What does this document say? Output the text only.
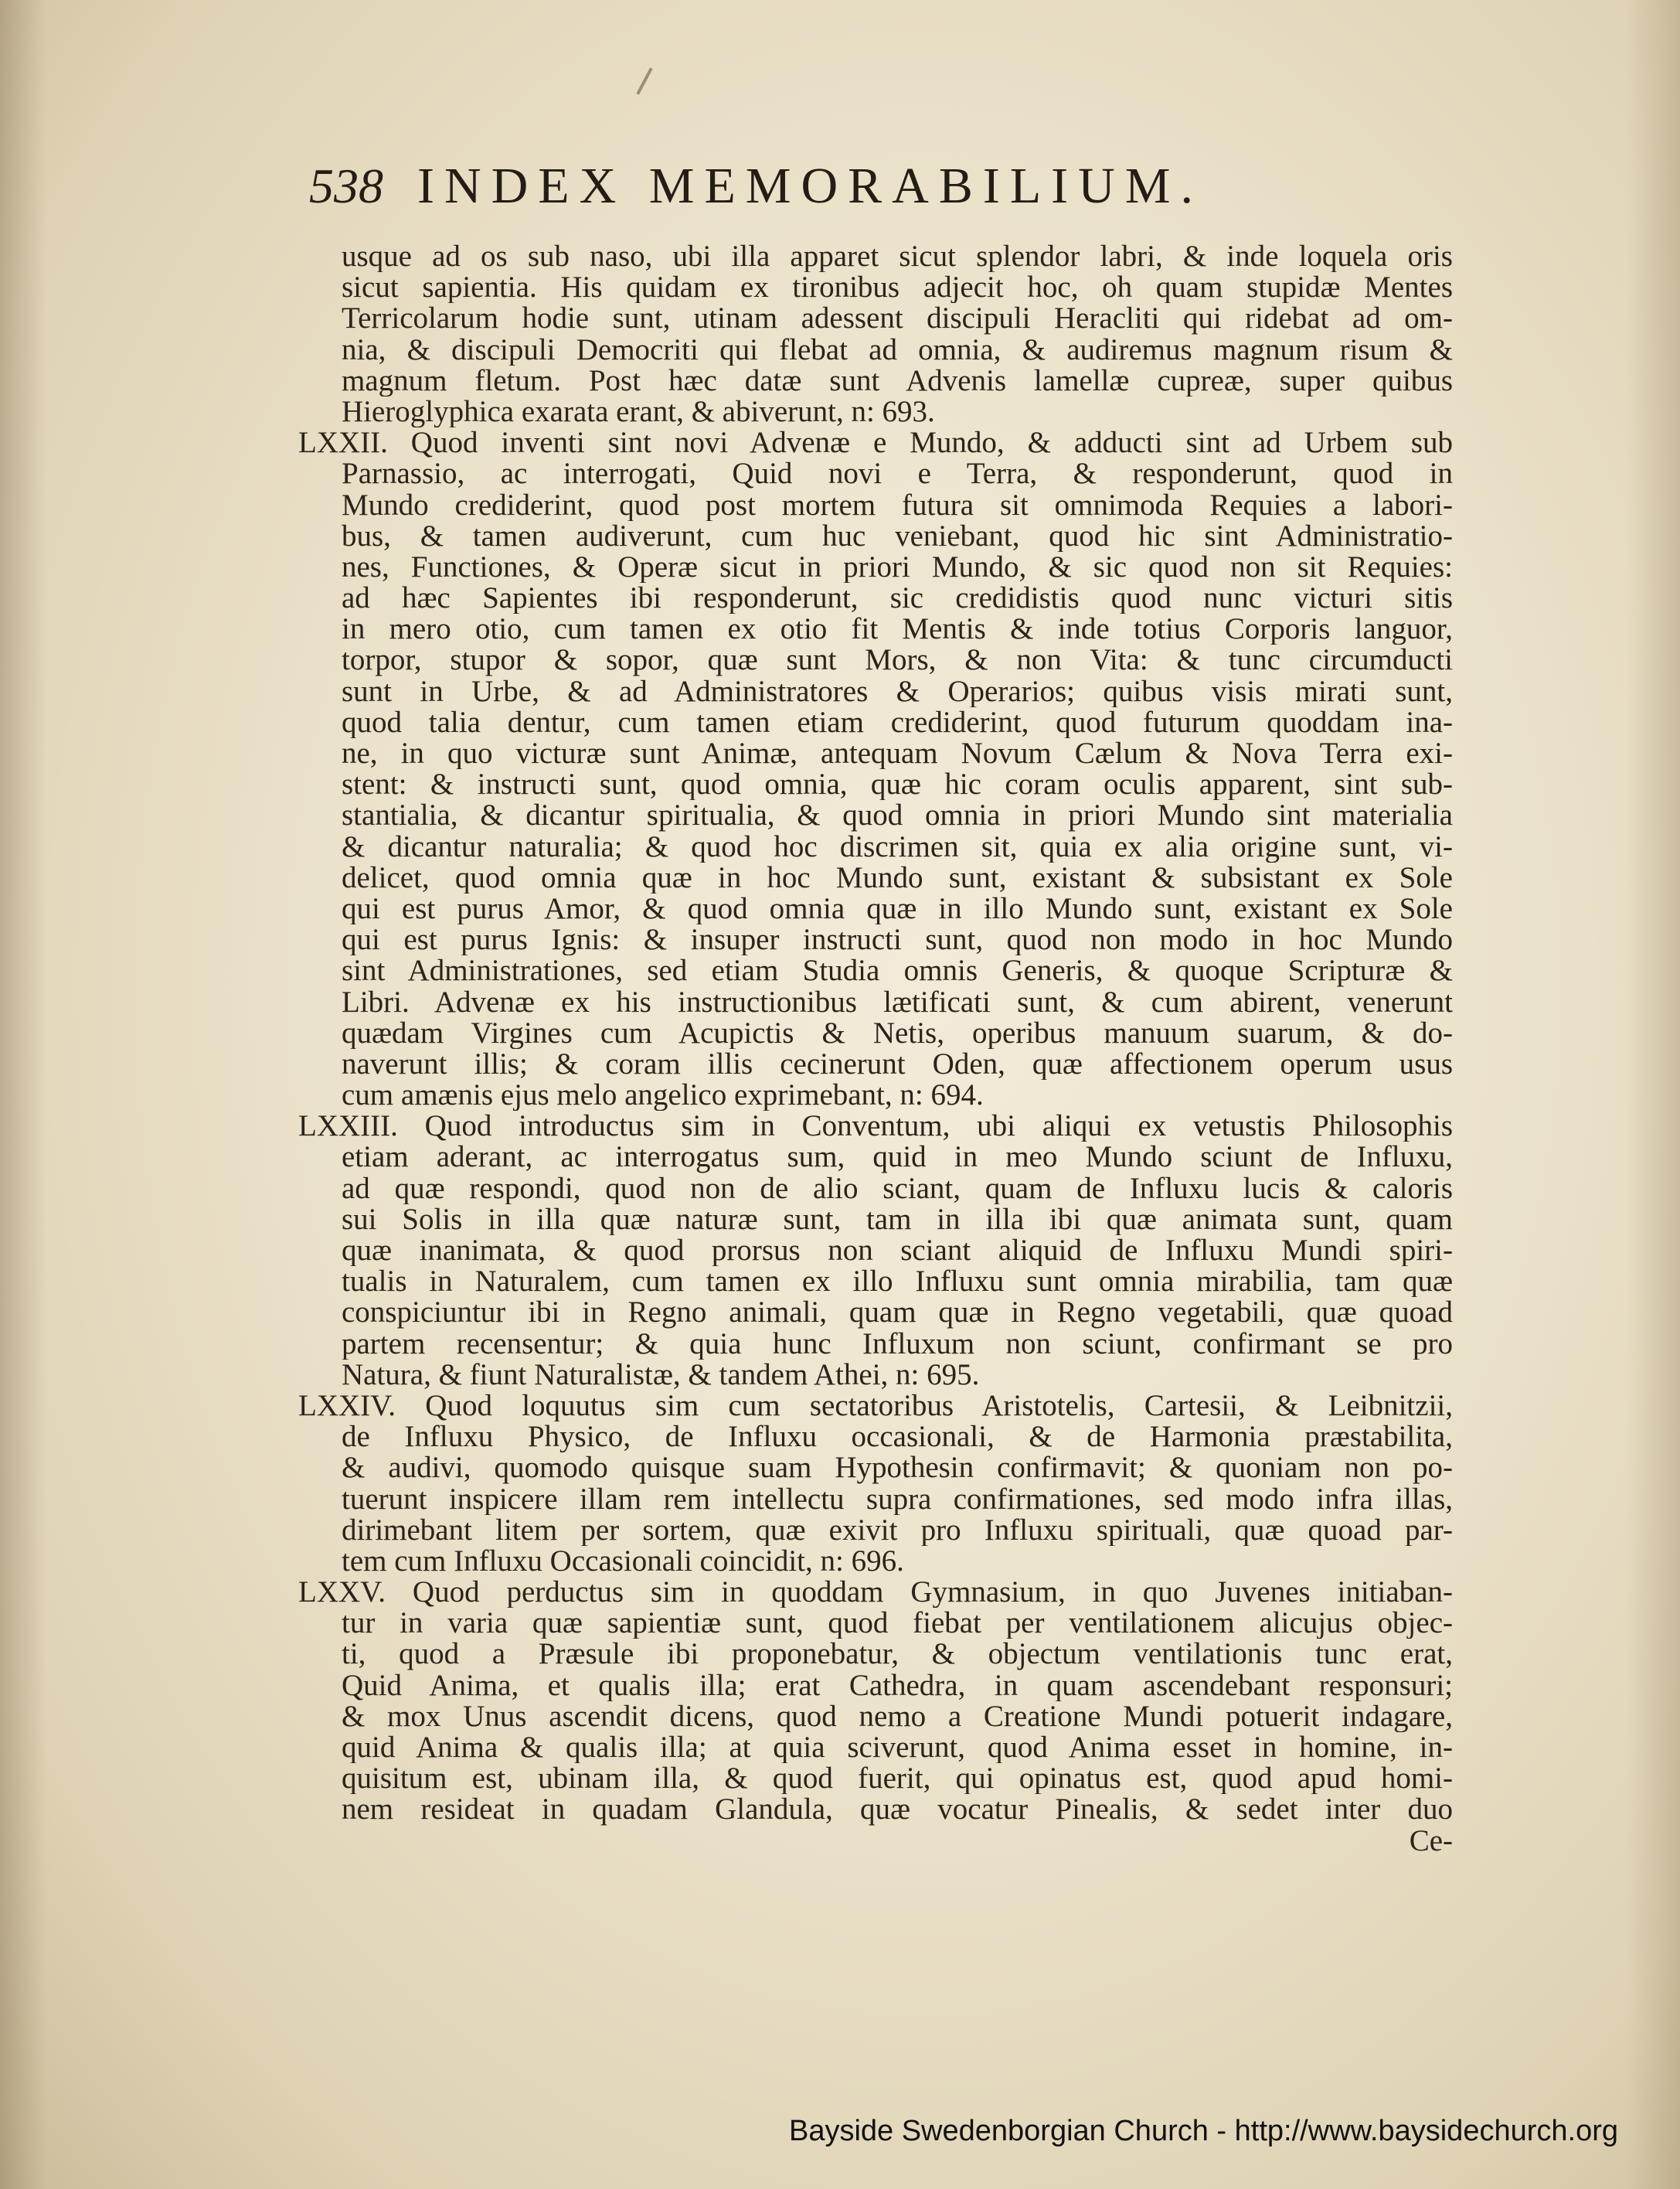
538 INDEX MEMORABILIUM.
usque ad os sub naso, ubi illa apparet sicut splendor labri, & inde loquela oris
sicut sapientia. His quidam ex tironibus adjecit hoc, oh quam stupidæ Mentes
Terricolarum hodie sunt, utinam adessent discipuli Heracliti qui ridebat ad om-
nia, & discipuli Democriti qui flebat ad omnia, & audiremus magnum risum &
magnum fletum. Post hæc datæ sunt Advenis lamellæ cupreæ, super quibus
Hieroglyphica exarata erant, & abiverunt, n: 693.
LXXII. Quod inventi sint novi Advenæ e Mundo, & adducti sint ad Urbem sub
Parnassio, ac interrogati, Quid novi e Terra, & responderunt, quod in
Mundo crediderint, quod post mortem futura sit omnimoda Requies a labori-
bus, & tamen audiverunt, cum huc veniebant, quod hic sint Administratio-
nes, Functiones, & Operæ sicut in priori Mundo, & sic quod non sit Requies:
ad hæc Sapientes ibi responderunt, sic credidistis quod nunc victuri sitis
in mero otio, cum tamen ex otio fit Mentis & inde totius Corporis languor,
torpor, stupor & sopor, quæ sunt Mors, & non Vita: & tunc circumducti
sunt in Urbe, & ad Administratores & Operarios; quibus visis mirati sunt,
quod talia dentur, cum tamen etiam crediderint, quod futurum quoddam ina-
ne, in quo victuræ sunt Animæ, antequam Novum Cælum & Nova Terra exi-
stent: & instructi sunt, quod omnia, quæ hic coram oculis apparent, sint sub-
stantialia, & dicantur spiritualia, & quod omnia in priori Mundo sint materialia
& dicantur naturalia; & quod hoc discrimen sit, quia ex alia origine sunt, vi-
delicet, quod omnia quæ in hoc Mundo sunt, existant & subsistant ex Sole
qui est purus Amor, & quod omnia quæ in illo Mundo sunt, existant ex Sole
qui est purus Ignis: & insuper instructi sunt, quod non modo in hoc Mundo
sint Administrationes, sed etiam Studia omnis Generis, & quoque Scripturæ &
Libri. Advenæ ex his instructionibus lætificati sunt, & cum abirent, venerunt
quædam Virgines cum Acupictis & Netis, operibus manuum suarum, & do-
naverunt illis; & coram illis cecinerunt Oden, quæ affectionem operum usus
cum amænis ejus melo angelico exprimebant, n: 694.
LXXIII. Quod introductus sim in Conventum, ubi aliqui ex vetustis Philosophis
etiam aderant, ac interrogatus sum, quid in meo Mundo sciunt de Influxu,
ad quæ respondi, quod non de alio sciant, quam de Influxu lucis & caloris
sui Solis in illa quæ naturæ sunt, tam in illa ibi quæ animata sunt, quam
quæ inanimata, & quod prorsus non sciant aliquid de Influxu Mundi spiri-
tualis in Naturalem, cum tamen ex illo Influxu sunt omnia mirabilia, tam quæ
conspiciuntur ibi in Regno animali, quam quæ in Regno vegetabili, quæ quoad
partem recensentur; & quia hunc Influxum non sciunt, confirmant se pro
Natura, & fiunt Naturalistæ, & tandem Athei, n: 695.
LXXIV. Quod loquutus sim cum sectatoribus Aristotelis, Cartesii, & Leibnitzii,
de Influxu Physico, de Influxu occasionali, & de Harmonia præstabilita,
& audivi, quomodo quisque suam Hypothesin confirmavit; & quoniam non po-
tuerunt inspicere illam rem intellectu supra confirmationes, sed modo infra illas,
dirimebant litem per sortem, quæ exivit pro Influxu spirituali, quæ quoad par-
tem cum Influxu Occasionali coincidit, n: 696.
LXXV. Quod perductus sim in quoddam Gymnasium, in quo Juvenes initiaban-
tur in varia quæ sapientiæ sunt, quod fiebat per ventilationem alicujus objec-
ti, quod a Præsule ibi proponebatur, & objectum ventilationis tunc erat,
Quid Anima, et qualis illa; erat Cathedra, in quam ascendebant responsuri;
& mox Unus ascendit dicens, quod nemo a Creatione Mundi potuerit indagare,
quid Anima & qualis illa; at quia sciverunt, quod Anima esset in homine, in-
quisitum est, ubinam illa, & quod fuerit, qui opinatus est, quod apud homi-
nem resideat in quadam Glandula, quæ vocatur Pinealis, & sedet inter duo
Ce-
Bayside Swedenborgian Church - http://www.baysidechurch.org
